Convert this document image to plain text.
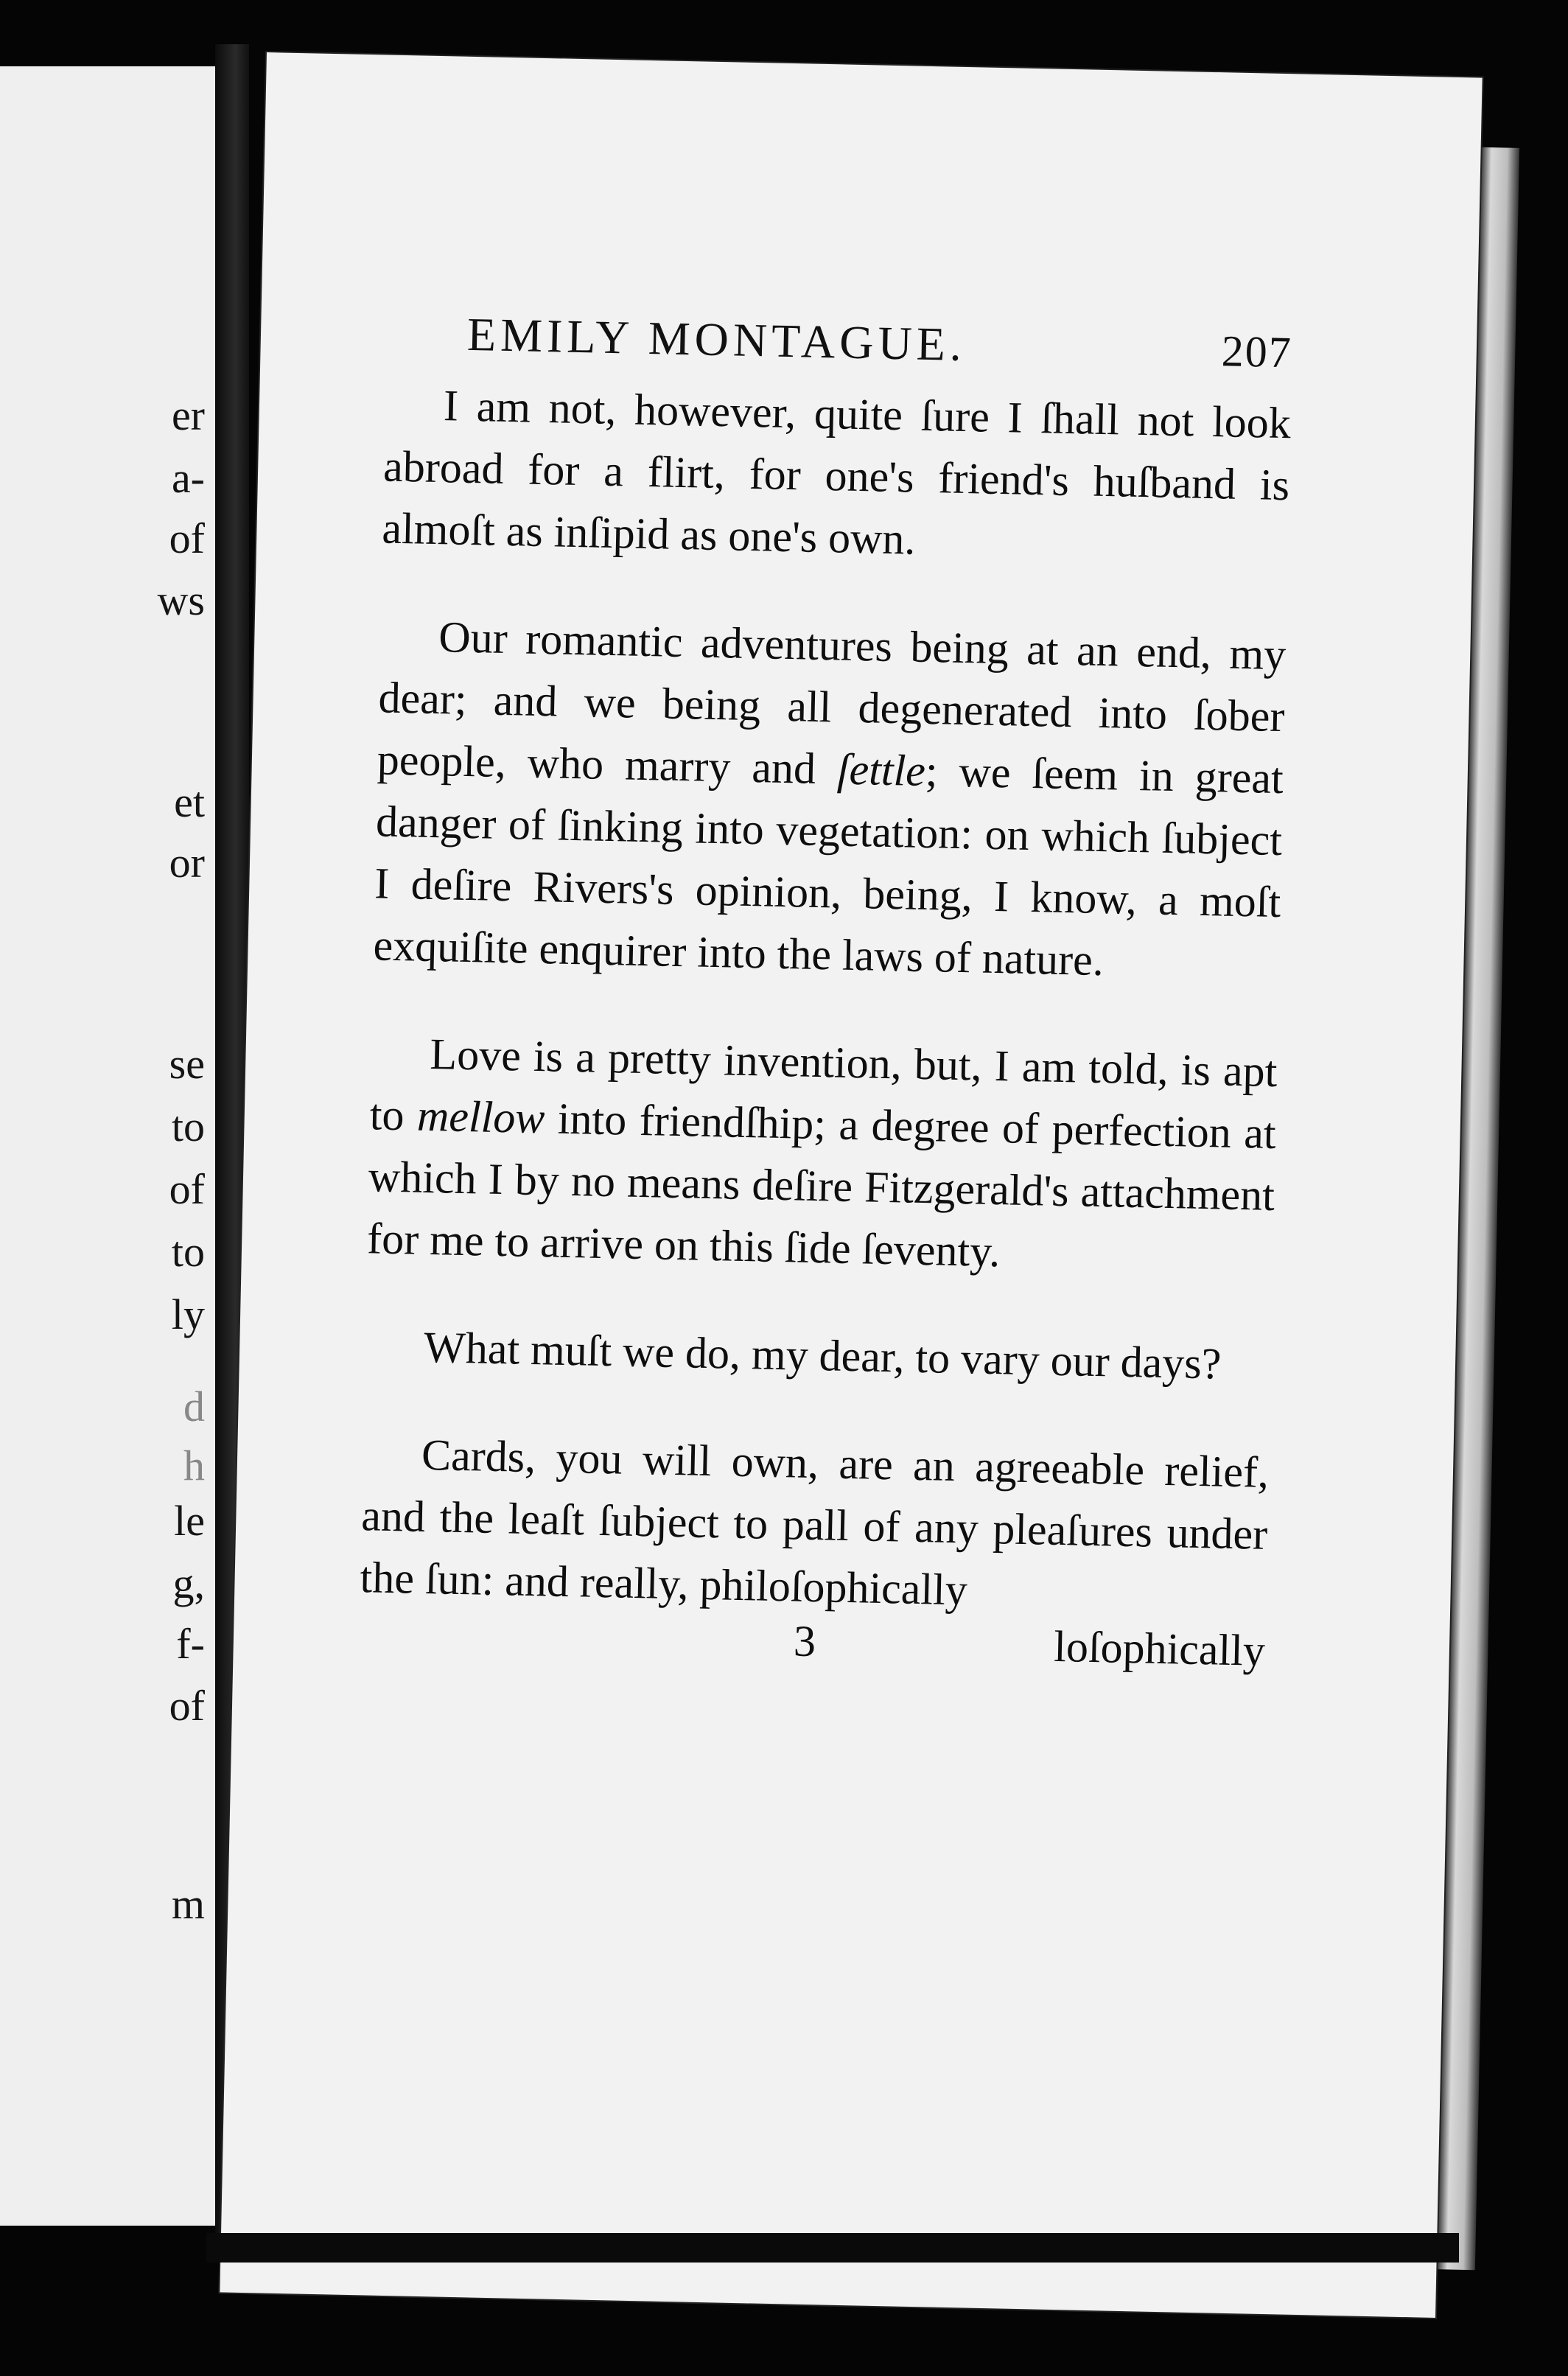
er
a-
of
ws
et
or
se
to
of
to
ly
d
h
le
g,
f-
of
m
EMILY MONTAGUE.	207

I am not, however, quite ſure I ſhall not look abroad for a flirt, for one's friend's huſband is almoſt as inſipid as one's own.

Our romantic adventures being at an end, my dear; and we being all degenerated into ſober people, who marry and ſettle; we ſeem in great danger of ſinking into vegetation: on which ſubject I deſire Rivers's opinion, being, I know, a moſt exquiſite enquirer into the laws of nature.

Love is a pretty invention, but, I am told, is apt to mellow into friendſhip; a degree of perfection at which I by no means deſire Fitzgerald's attachment for me to arrive on this ſide ſeventy.

What muſt we do, my dear, to vary our days?

Cards, you will own, are an agreeable relief, and the leaſt ſubject to pall of any pleaſures under the ſun: and really, philoſophically

3	loſophically
